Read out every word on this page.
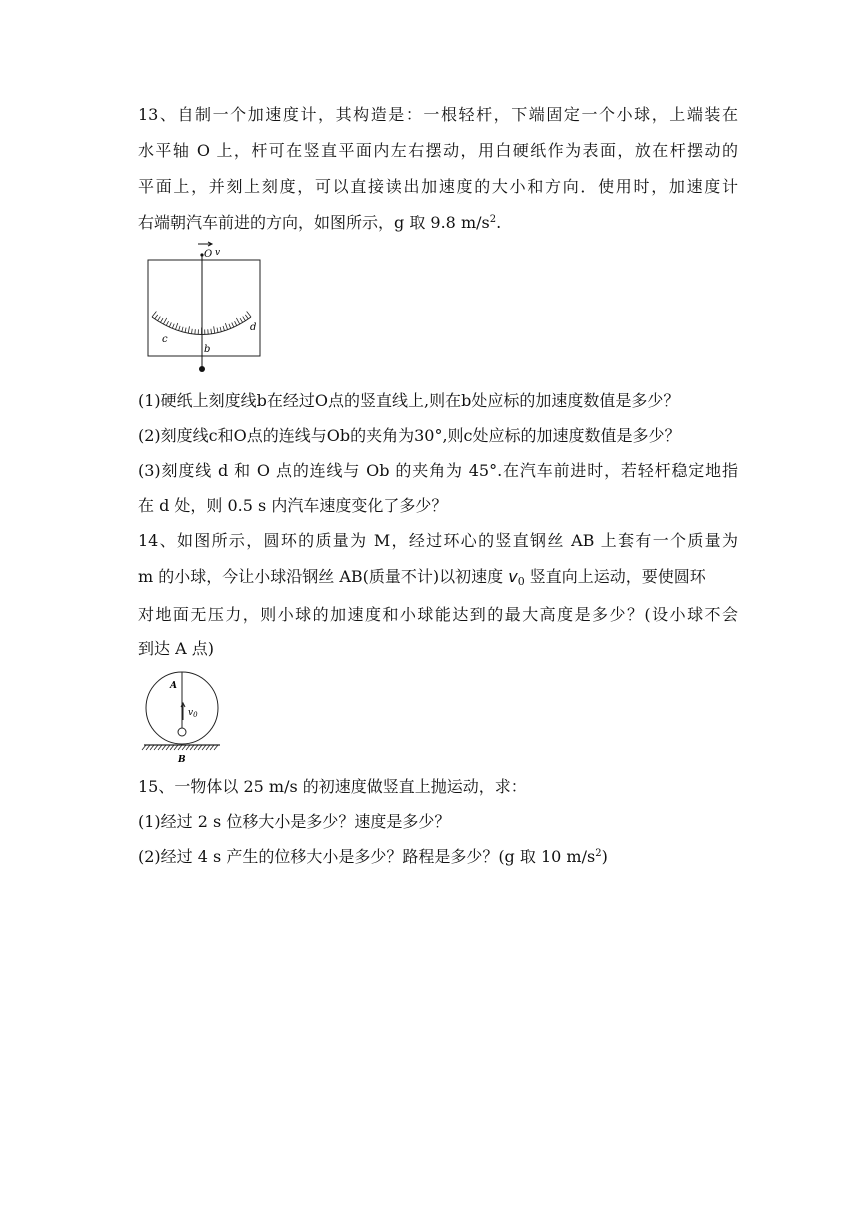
13、自制一个加速度计，其构造是：一根轻杆，下端固定一个小球，上端装在
水平轴 O 上，杆可在竖直平面内左右摆动，用白硬纸作为表面，放在杆摆动的
平面上，并刻上刻度，可以直接读出加速度的大小和方向．使用时，加速度计
右端朝汽车前进的方向，如图所示，g 取 9.8 $m/s^2$.
O v
c
b
d
(1)硬纸上刻度线b在经过O点的竖直线上,则在b处应标的加速度数值是多少？
(2)刻度线c和O点的连线与Ob的夹角为30°,则c处应标的加速度数值是多少？
(3)刻度线 d 和 O 点的连线与 Ob 的夹角为 45°.在汽车前进时，若轻杆稳定地指
在 d 处，则 0.5 s 内汽车速度变化了多少？
14、如图所示，圆环的质量为 M，经过环心的竖直钢丝 AB 上套有一个质量为
m 的小球，今让小球沿钢丝 AB(质量不计)以初速度 $v_0$ 竖直向上运动，要使圆环
对地面无压力，则小球的加速度和小球能达到的最大高度是多少？(设小球不会
到达 A 点)
$v_0$
A
B
15、一物体以 25 m/s 的初速度做竖直上抛运动，求：
(1)经过 2 s 位移大小是多少？速度是多少？
(2)经过 4 s 产生的位移大小是多少？路程是多少？(g 取 10 $m/s^2$)
